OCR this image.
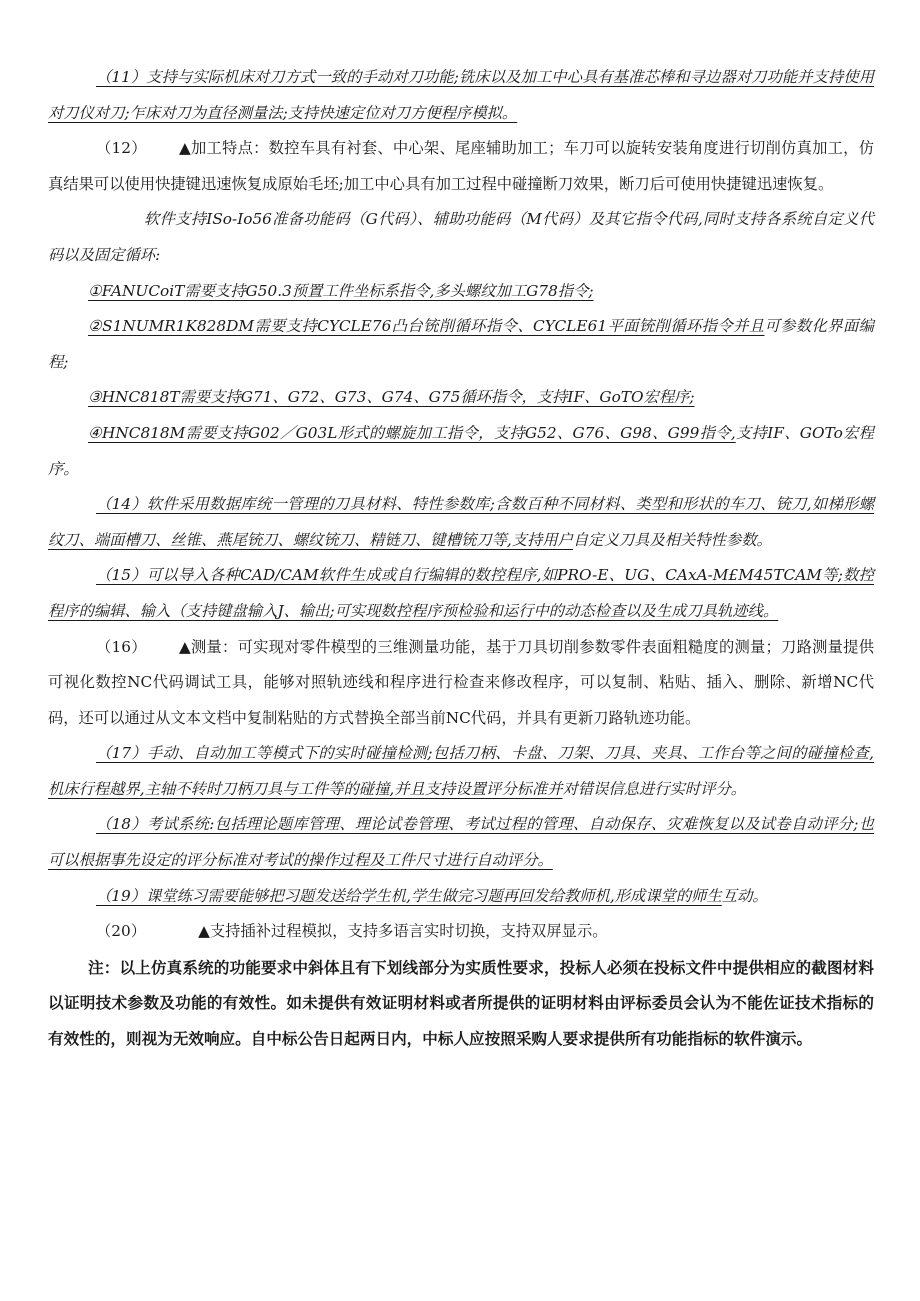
（11）支持与实际机床对刀方式一致的手动对刀功能;铣床以及加工中心具有基准芯棒和寻边器对刀功能并支持使用对刀仪对刀;乍床对刀为直径测量法;支持快速定位对刀方便程序模拟。

（12） ▲加工特点：数控车具有衬套、中心架、尾座辅助加工；车刀可以旋转安装角度进行切削仿真加工，仿真结果可以使用快捷键迅速恢复成原始毛坯;加工中心具有加工过程中碰撞断刀效果，断刀后可使用快捷键迅速恢复。

软件支持ISo-Io56准备功能码（G代码）、辅助功能码（M代码）及其它指令代码,同时支持各系统自定义代码以及固定循环:

①FANUCoiT需要支持G50.3预置工件坐标系指令,多头螺纹加工G78指令;

②S1NUMR1K828DM需要支持CYCLE76凸台铳削循环指令、CYCLE61平面铳削循环指令并且可参数化界面编程;

③HNC818T需要支持G71、G72、G73、G74、G75循环指令，支持IF、GoTO宏程序;

④HNC818M需要支持G02／G03L形式的螺旋加工指令，支持G52、G76、G98、G99指令,支持IF、GOTo宏程序。

（14）软件采用数据库统一管理的刀具材料、特性参数库;含数百种不同材料、类型和形状的车刀、铳刀,如梯形螺纹刀、端面槽刀、丝锥、燕尾铳刀、螺纹铳刀、精链刀、键槽铳刀等,支持用户自定义刀具及相关特性参数。

（15）可以导入各种CAD/CAM软件生成或自行编辑的数控程序,如PRO-E、UG、CAxA-M£M45TCAM等;数控程序的编辑、输入（支持键盘输入J、输出;可实现数控程序预检验和运行中的动态检查以及生成刀具轨迹线。

（16） ▲测量：可实现对零件模型的三维测量功能，基于刀具切削参数零件表面粗糙度的测量；刀路测量提供可视化数控NC代码调试工具，能够对照轨迹线和程序进行检查来修改程序，可以复制、粘贴、插入、删除、新增NC代码，还可以通过从文本文档中复制粘贴的方式替换全部当前NC代码，并具有更新刀路轨迹功能。

（17）手动、自动加工等模式下的实时碰撞检测;包括刀柄、卡盘、刀架、刀具、夹具、工作台等之间的碰撞检查,机床行程越界,主轴不转时刀柄刀具与工件等的碰撞,并且支持设置评分标准并对错误信息进行实时评分。

（18）考试系统:包括理论题库管理、理论试卷管理、考试过程的管理、自动保存、灾难恢复以及试卷自动评分;也可以根据事先设定的评分标准对考试的操作过程及工件尺寸进行自动评分。

（19）课堂练习需要能够把习题发送给学生机,学生做完习题再回发给教师机,形成课堂的师生互动。

（20）	▲支持插补过程模拟，支持多语言实时切换，支持双屏显示。

注：以上仿真系统的功能要求中斜体且有下划线部分为实质性要求，投标人必须在投标文件中提供相应的截图材料以证明技术参数及功能的有效性。如未提供有效证明材料或者所提供的证明材料由评标委员会认为不能佐证技术指标的有效性的，则视为无效响应。自中标公告日起两日内，中标人应按照采购人要求提供所有功能指标的软件演示。
